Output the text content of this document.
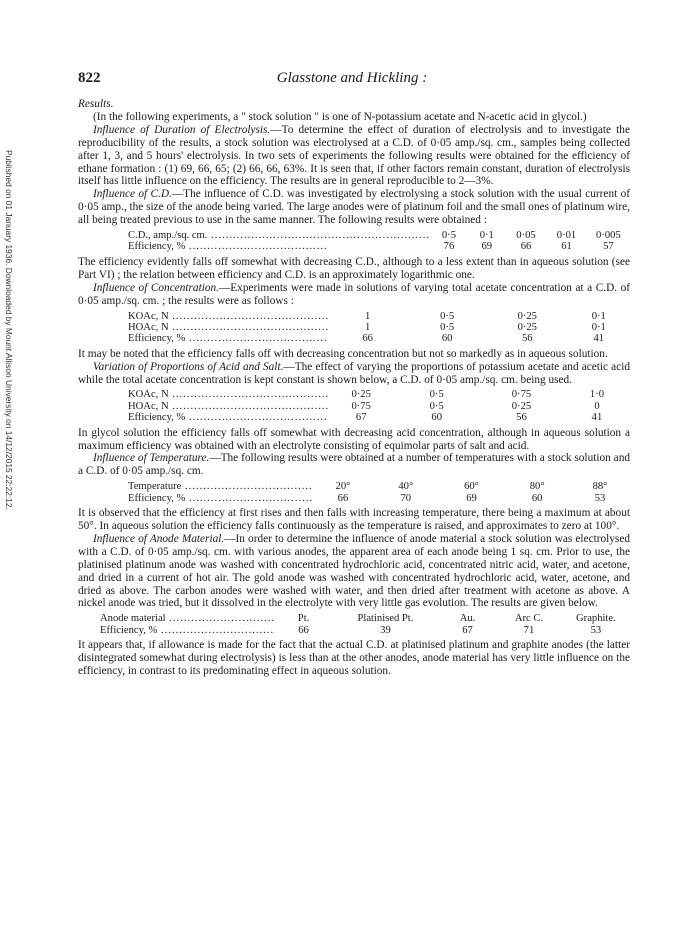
Published on 01 January 1936. Downloaded by Mount Allison University on 14/12/2015 22:22:12.
822	Glasstone and Hickling :

Results.

(In the following experiments, a " stock solution " is one of N-potassium acetate and N-acetic acid in glycol.)

Influence of Duration of Electrolysis.—To determine the effect of duration of electrolysis and to investigate the reproducibility of the results, a stock solution was electrolysed at a C.D. of 0·05 amp./sq. cm., samples being collected after 1, 3, and 5 hours' electrolysis. In two sets of experiments the following results were obtained for the efficiency of ethane formation : (1) 69, 66, 65; (2) 66, 66, 63%. It is seen that, if other factors remain constant, duration of electrolysis itself has little influence on the efficiency. The results are in general reproducible to 2—3%.

Influence of C.D.—The influence of C.D. was investigated by electrolysing a stock solution with the usual current of 0·05 amp., the size of the anode being varied. The large anodes were of platinum foil and the small ones of platinum wire, all being treated previous to use in the same manner. The following results were obtained :

C.D., amp./sq. cm. .....	0·5	0·1	0·05	0·01	0·005

Efficiency, % .....	76	69	66	61	57

The efficiency evidently falls off somewhat with decreasing C.D., although to a less extent than in aqueous solution (see Part VI) ; the relation between efficiency and C.D. is an approximately logarithmic one.

Influence of Concentration.—Experiments were made in solutions of varying total acetate concentration at a C.D. of 0·05 amp./sq. cm. ; the results were as follows :

KOAc, N .....	1	0·5	0·25	0·1

HOAc, N .....	1	0·5	0·25	0·1

Efficiency, % .....	66	60	56	41

It may be noted that the efficiency falls off with decreasing concentration but not so markedly as in aqueous solution.

Variation of Proportions of Acid and Salt.—The effect of varying the proportions of potassium acetate and acetic acid while the total acetate concentration is kept constant is shown below, a C.D. of 0·05 amp./sq. cm. being used.

KOAc, N .....	0·25	0·5	0·75	1·0

HOAc, N .....	0·75	0·5	0·25	0

Efficiency, % .....	67	60	56	41

In glycol solution the efficiency falls off somewhat with decreasing acid concentration, although in aqueous solution a maximum efficiency was obtained with an electrolyte consisting of equimolar parts of salt and acid.

Influence of Temperature.—The following results were obtained at a number of temperatures with a stock solution and a C.D. of 0·05 amp./sq. cm.

Temperature .....	20°	40°	60°	80°	88°

Efficiency, % .....	66	70	69	60	53

It is observed that the efficiency at first rises and then falls with increasing temperature, there being a maximum at about 50°. In aqueous solution the efficiency falls continuously as the temperature is raised, and approximates to zero at 100°.

Influence of Anode Material.—In order to determine the influence of anode material a stock solution was electrolysed with a C.D. of 0·05 amp./sq. cm. with various anodes, the apparent area of each anode being 1 sq. cm. Prior to use, the platinised platinum anode was washed with concentrated hydrochloric acid, concentrated nitric acid, water, and acetone, and dried in a current of hot air. The gold anode was washed with concentrated hydrochloric acid, water, acetone, and dried as above. The carbon anodes were washed with water, and then dried after treatment with acetone as above. A nickel anode was tried, but it dissolved in the electrolyte with very little gas evolution. The results are given below.

Anode material .....	Pt.	Platinised Pt.	Au.	Arc C.	Graphite.

Efficiency, % .....	66	39	67	71	53

It appears that, if allowance is made for the fact that the actual C.D. at platinised platinum and graphite anodes (the latter disintegrated somewhat during electrolysis) is less than at the other anodes, anode material has very little influence on the efficiency, in contrast to its predominating effect in aqueous solution.
